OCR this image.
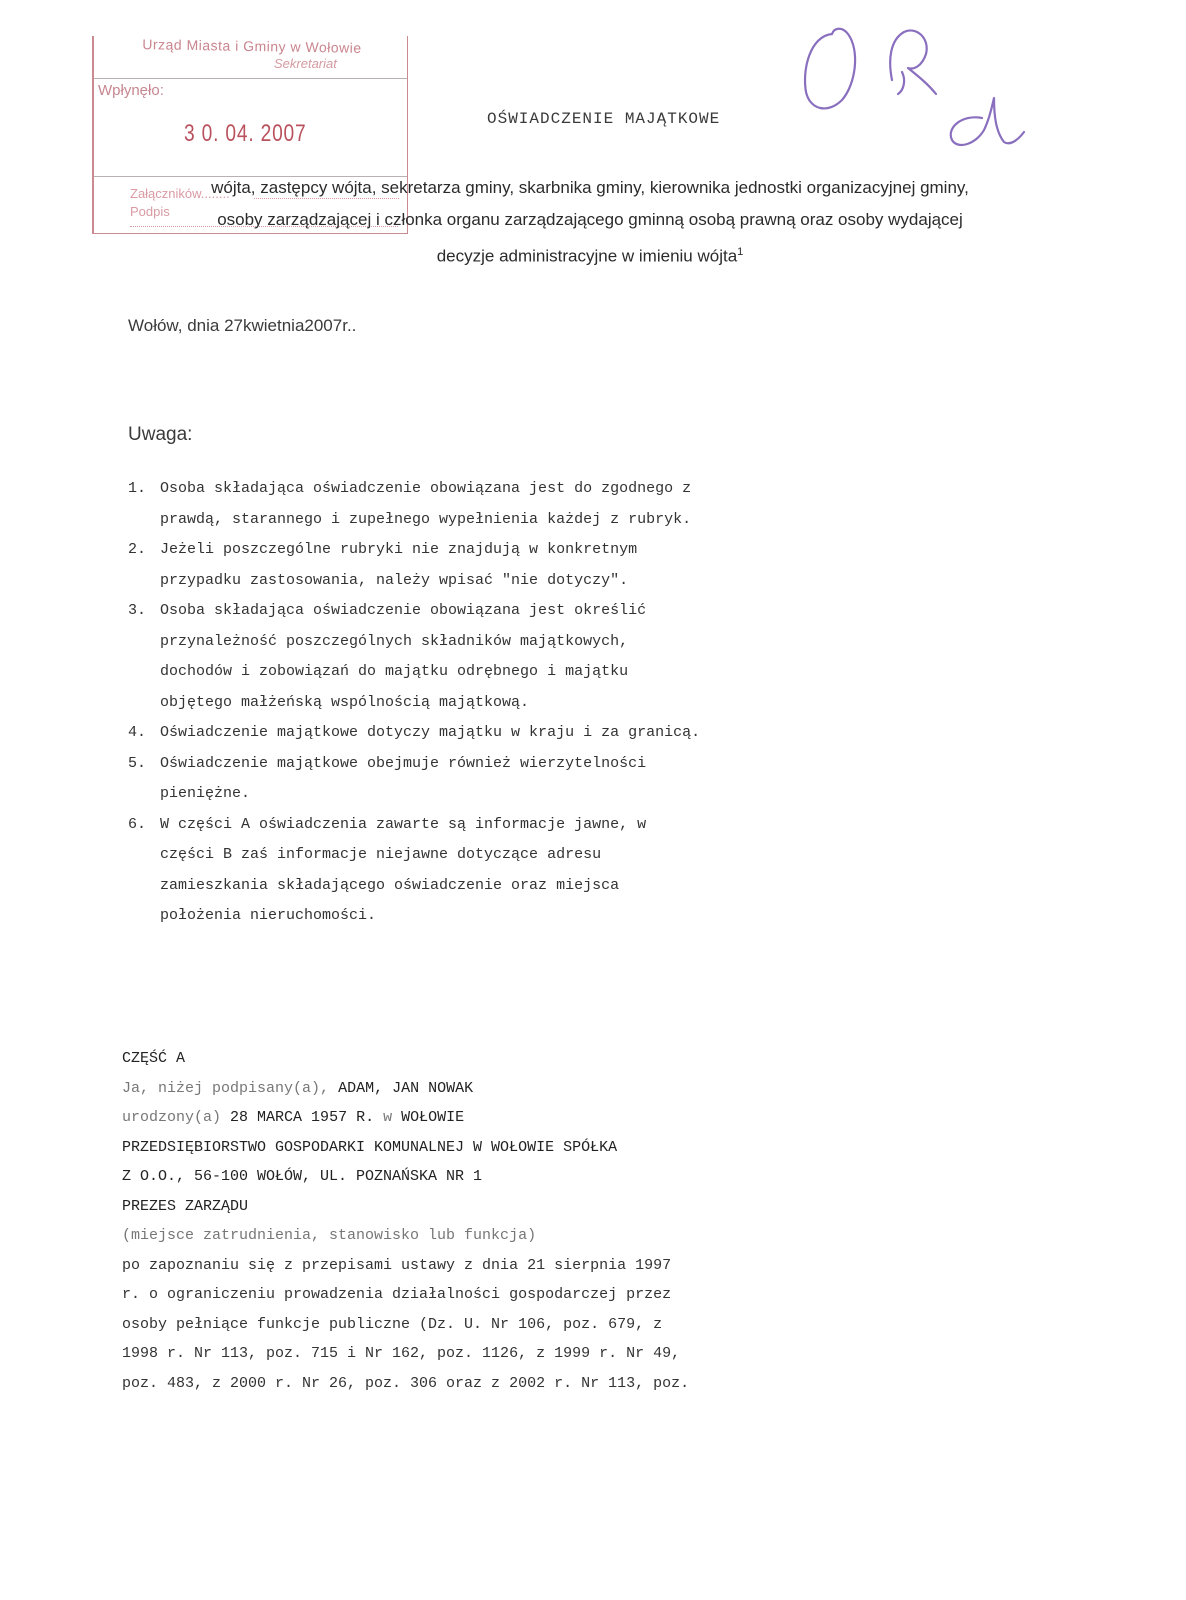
Urząd Miasta i Gminy w Wołowie
Sekretariat
Wpłynęło:
3 0. 04. 2007
Załączników........
Podpis
OŚWIADCZENIE MAJĄTKOWE
wójta, zastępcy wójta, sekretarza gminy, skarbnika gminy, kierownika jednostki organizacyjnej gminy,
osoby zarządzającej i członka organu zarządzającego gminną osobą prawną oraz osoby wydającej
decyzje administracyjne w imieniu wójta$^1$
Wołów, dnia 27kwietnia2007r..
Uwaga:
1. Osoba składająca oświadczenie obowiązana jest do zgodnego z
prawdą, starannego i zupełnego wypełnienia każdej z rubryk.
2. Jeżeli poszczególne rubryki nie znajdują w konkretnym
przypadku zastosowania, należy wpisać "nie dotyczy".
3. Osoba składająca oświadczenie obowiązana jest określić
przynależność poszczególnych składników majątkowych,
dochodów i zobowiązań do majątku odrębnego i majątku
objętego małżeńską wspólnością majątkową.
4. Oświadczenie majątkowe dotyczy majątku w kraju i za granicą.
5. Oświadczenie majątkowe obejmuje również wierzytelności
pieniężne.
6. W części A oświadczenia zawarte są informacje jawne, w
części B zaś informacje niejawne dotyczące adresu
zamieszkania składającego oświadczenie oraz miejsca
położenia nieruchomości.
CZĘŚĆ A
Ja, niżej podpisany(a), ADAM, JAN NOWAK
urodzony(a) 28 MARCA 1957 R. w WOŁOWIE
PRZEDSIĘBIORSTWO GOSPODARKI KOMUNALNEJ W WOŁOWIE SPÓŁKA
Z O.O., 56-100 WOŁÓW, UL. POZNAŃSKA NR 1
PREZES ZARZĄDU
(miejsce zatrudnienia, stanowisko lub funkcja)
po zapoznaniu się z przepisami ustawy z dnia 21 sierpnia 1997
r. o ograniczeniu prowadzenia działalności gospodarczej przez
osoby pełniące funkcje publiczne (Dz. U. Nr 106, poz. 679, z
1998 r. Nr 113, poz. 715 i Nr 162, poz. 1126, z 1999 r. Nr 49,
poz. 483, z 2000 r. Nr 26, poz. 306 oraz z 2002 r. Nr 113, poz.
